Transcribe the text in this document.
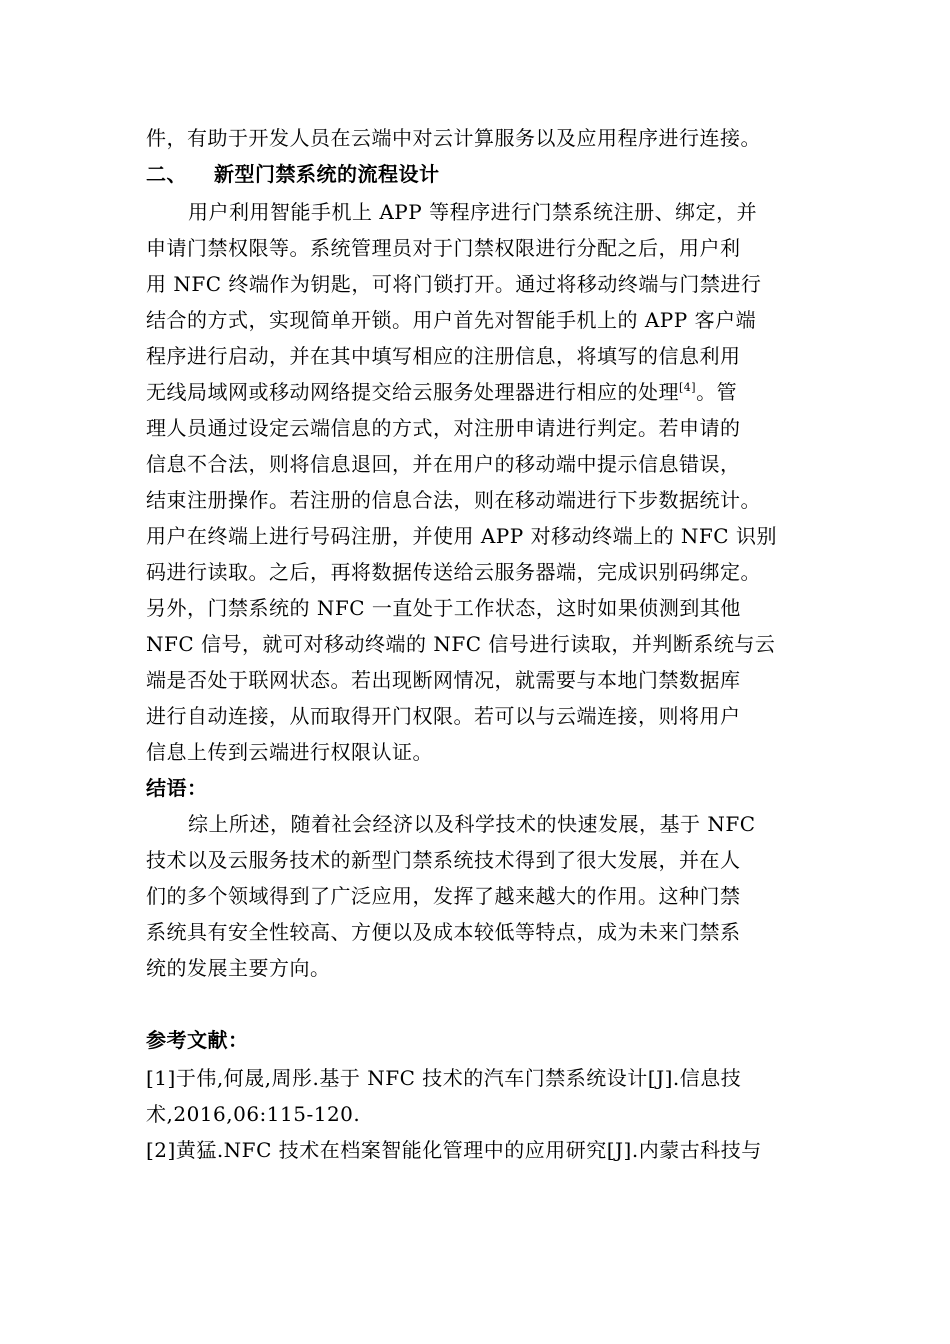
件，有助于开发人员在云端中对云计算服务以及应用程序进行连接。
二、 新型门禁系统的流程设计
用户利用智能手机上 APP 等程序进行门禁系统注册、绑定，并
申请门禁权限等。系统管理员对于门禁权限进行分配之后，用户利
用 NFC 终端作为钥匙，可将门锁打开。通过将移动终端与门禁进行
结合的方式，实现简单开锁。用户首先对智能手机上的 APP 客户端
程序进行启动，并在其中填写相应的注册信息，将填写的信息利用
无线局域网或移动网络提交给云服务处理器进行相应的处理[4]。管
理人员通过设定云端信息的方式，对注册申请进行判定。若申请的
信息不合法，则将信息退回，并在用户的移动端中提示信息错误，
结束注册操作。若注册的信息合法，则在移动端进行下步数据统计。
用户在终端上进行号码注册，并使用 APP 对移动终端上的 NFC 识别
码进行读取。之后，再将数据传送给云服务器端，完成识别码绑定。
另外，门禁系统的 NFC 一直处于工作状态，这时如果侦测到其他
NFC 信号，就可对移动终端的 NFC 信号进行读取，并判断系统与云
端是否处于联网状态。若出现断网情况，就需要与本地门禁数据库
进行自动连接，从而取得开门权限。若可以与云端连接，则将用户
信息上传到云端进行权限认证。
结语：
综上所述，随着社会经济以及科学技术的快速发展，基于 NFC
技术以及云服务技术的新型门禁系统技术得到了很大发展，并在人
们的多个领域得到了广泛应用，发挥了越来越大的作用。这种门禁
系统具有安全性较高、方便以及成本较低等特点，成为未来门禁系
统的发展主要方向。
参考文献：
[1]于伟,何晟,周彤.基于 NFC 技术的汽车门禁系统设计[J].信息技
术,2016,06:115-120.
[2]黄猛.NFC 技术在档案智能化管理中的应用研究[J].内蒙古科技与
